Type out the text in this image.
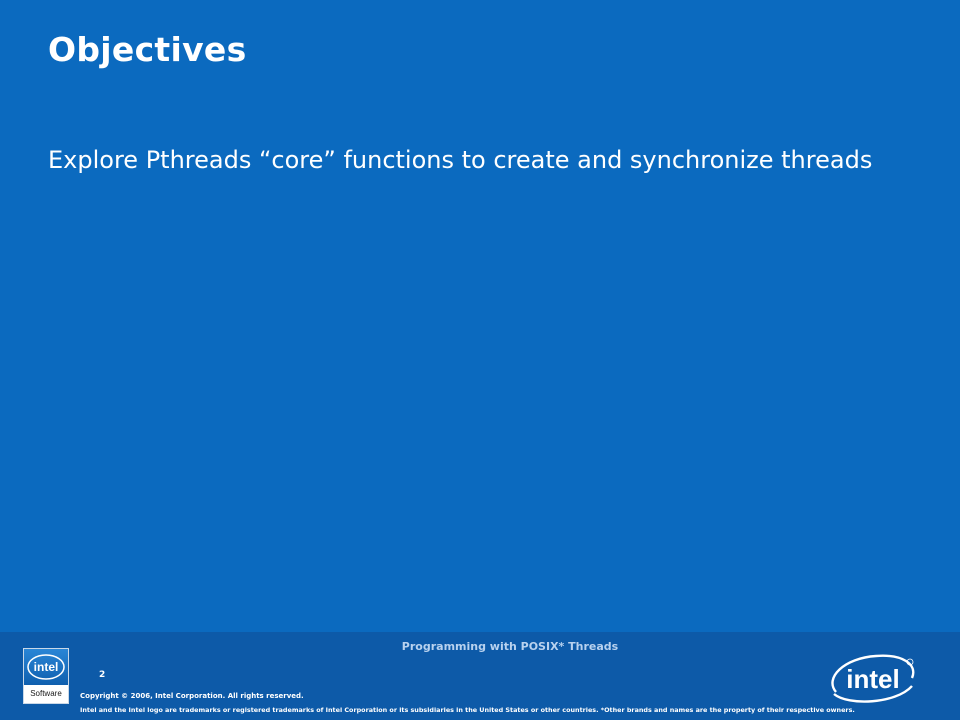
Objectives
Explore Pthreads “core” functions to create and synchronize threads
Programming with POSIX* Threads
intel
Software
2
Copyright © 2006, Intel Corporation. All rights reserved.
Intel and the Intel logo are trademarks or registered trademarks of Intel Corporation or its subsidiaries in the United States or other countries. *Other brands and names are the property of their respective owners.
intel
